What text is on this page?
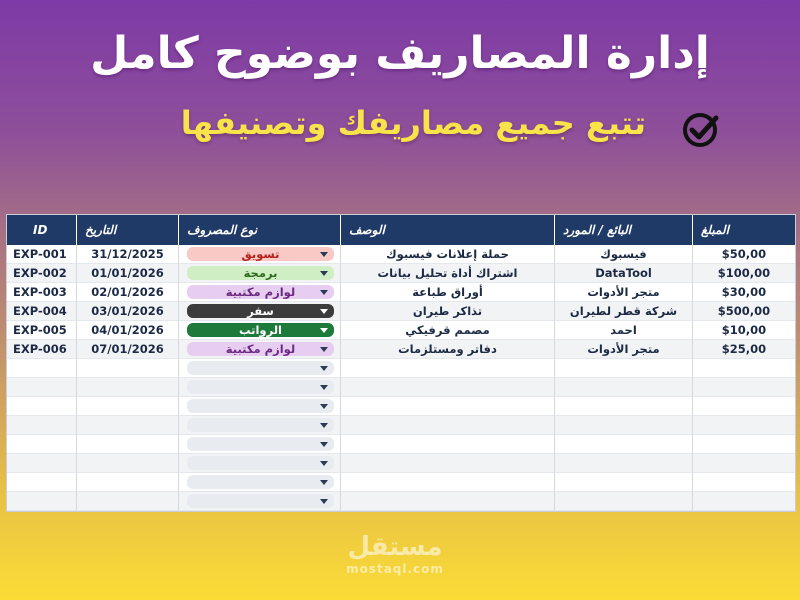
إدارة المصاريف بوضوح كامل
تتبع جميع مصاريفك وتصنيفها
ID	التاريخ	نوع المصروف	الوصف	البائع / المورد	المبلغ
EXP-001	31/12/2025	تسويق	حملة إعلانات فيسبوك	فيسبوك	$50,00
EXP-002	01/01/2026	برمجة	اشتراك أداة تحليل بيانات	DataTool	$100,00
EXP-003	02/01/2026	لوازم مكتبية	أوراق طباعة	متجر الأدوات	$30,00
EXP-004	03/01/2026	سفر	تذاكر طيران	شركة قطر لطيران	$500,00
EXP-005	04/01/2026	الرواتب	مصمم قرفيكي	احمد	$10,00
EXP-006	07/01/2026	لوازم مكتبية	دفاتر ومستلزمات	متجر الأدوات	$25,00
مستقل
mostaql.com
